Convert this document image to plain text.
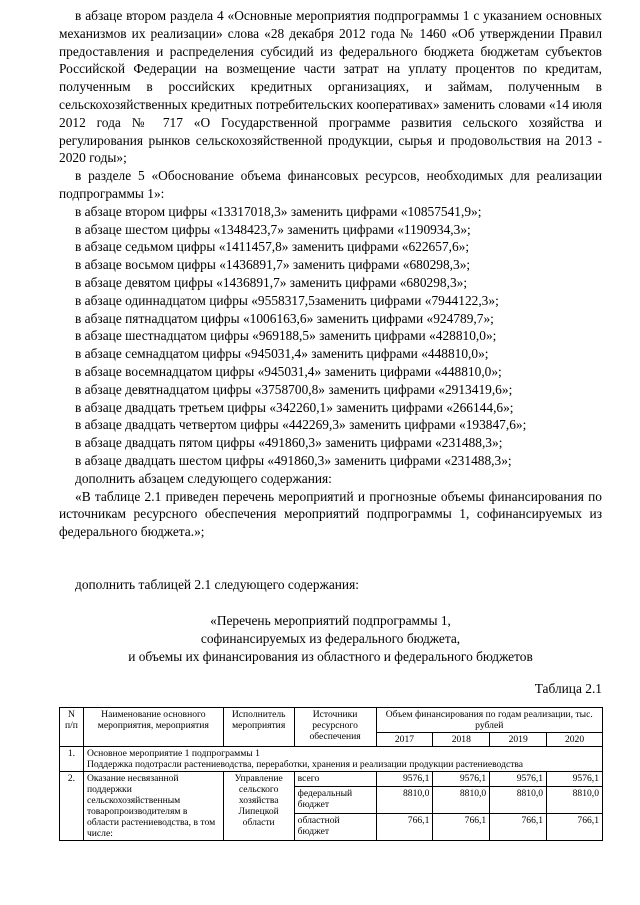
в абзаце втором раздела 4 «Основные мероприятия подпрограммы 1 с указанием основных механизмов их реализации» слова «28 декабря 2012 года № 1460 «Об утверждении Правил предоставления и распределения субсидий из федерального бюджета бюджетам субъектов Российской Федерации на возмещение части затрат на уплату процентов по кредитам, полученным в российских кредитных организациях, и займам, полученным в сельскохозяйственных кредитных потребительских кооперативах» заменить словами «14 июля 2012 года № 717 «О Государственной программе развития сельского хозяйства и регулирования рынков сельскохозяйственной продукции, сырья и продовольствия на 2013 - 2020 годы»;

в разделе 5 «Обоснование объема финансовых ресурсов, необходимых для реализации подпрограммы 1»:

в абзаце втором цифры «13317018,3» заменить цифрами «10857541,9»;

в абзаце шестом цифры «1348423,7» заменить цифрами «1190934,3»;

в абзаце седьмом цифры «1411457,8» заменить цифрами «622657,6»;

в абзаце восьмом цифры «1436891,7» заменить цифрами «680298,3»;

в абзаце девятом цифры «1436891,7» заменить цифрами «680298,3»;

в абзаце одиннадцатом цифры «9558317,5заменить цифрами «7944122,3»;

в абзаце пятнадцатом цифры «1006163,6» заменить цифрами «924789,7»;

в абзаце шестнадцатом цифры «969188,5» заменить цифрами «428810,0»;

в абзаце семнадцатом цифры «945031,4» заменить цифрами «448810,0»;

в абзаце восемнадцатом цифры «945031,4» заменить цифрами «448810,0»;

в абзаце девятнадцатом цифры «3758700,8» заменить цифрами «2913419,6»;

в абзаце двадцать третьем цифры «342260,1» заменить цифрами «266144,6»;

в абзаце двадцать четвертом цифры «442269,3» заменить цифрами «193847,6»;

в абзаце двадцать пятом цифры «491860,3» заменить цифрами «231488,3»;

в абзаце двадцать шестом цифры «491860,3» заменить цифрами «231488,3»;

дополнить абзацем следующего содержания:

«В таблице 2.1 приведен перечень мероприятий и прогнозные объемы финансирования по источникам ресурсного обеспечения мероприятий подпрограммы 1, софинансируемых из федерального бюджета.»;

дополнить таблицей 2.1 следующего содержания:

«Перечень мероприятий подпрограммы 1,
софинансируемых из федерального бюджета,
и объемы их финансирования из областного и федерального бюджетов
Таблица 2.1
N п/п	Наименование основного мероприятия, мероприятия	Исполнитель мероприятия	Источники ресурсного обеспечения	Объем финансирования по годам реализации, тыс. рублей			
				2017	2018	2019	2020
1.	Основное мероприятие 1 подпрограммы 1
Поддержка подотрасли растениеводства, переработки, хранения и реализации продукции растениеводства						

2.	Оказание несвязанной поддержки сельскохозяйственным товаропроизводителям в области растениеводства, в том числе:	Управление сельского хозяйства Липецкой области	всего	9576,1	9576,1	9576,1	9576,1
			федеральный бюджет	8810,0	8810,0	8810,0	8810,0
			областной бюджет	766,1	766,1	766,1	766,1
